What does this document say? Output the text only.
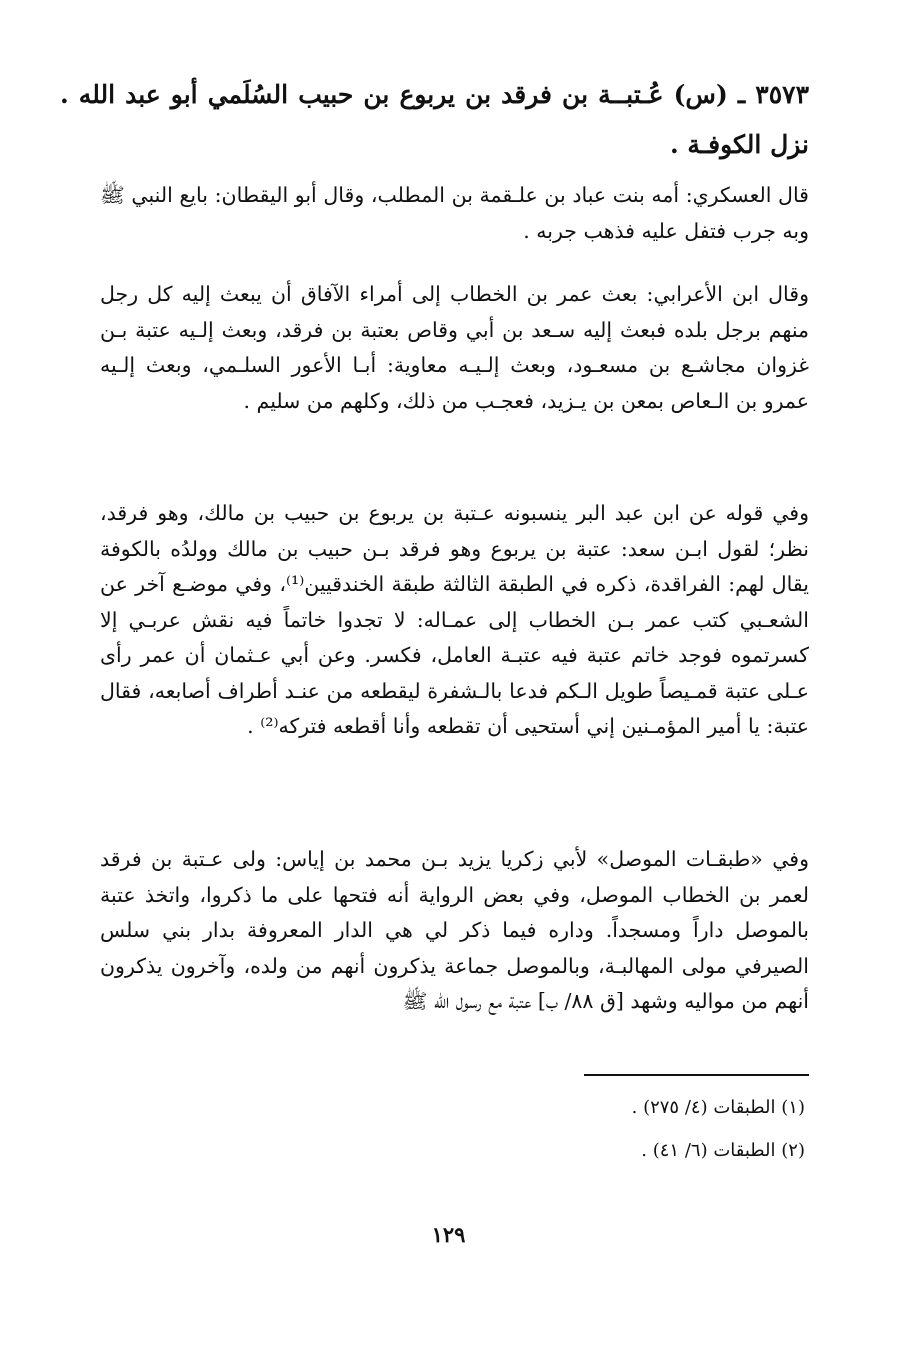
٣٥٧٣ ـ (س) عُـتبــة بن فرقد بن يربوع بن حبيب السُلَمي أبو عبد الله . نزل الكوفـة .

قال العسكري: أمه بنت عباد بن علـقمة بن المطلب، وقال أبو اليقطان: بايع النبي ﷺ وبه جرب فتفل عليه فذهب جربه .

وقال ابن الأعرابي: بعث عمر بن الخطاب إلى أمراء الآفاق أن يبعث إليه كل رجل منهم برجل بلده فبعث إليه سـعد بن أبي وقاص بعتبة بن فرقد، وبعث إلـيه عتبة بـن غزوان مجاشـع بن مسعـود، وبعث إلـيـه معاوية: أبـا الأعور السلـمي، وبعث إلـيه عمرو بن الـعاص بمعن بن يـزيد، فعجـب من ذلك، وكلهم من سليم .

وفي قوله عن ابن عبد البر ينسبونه عـتبة بن يربوع بن حبيب بن مالك، وهو فرقد، نظر؛ لقول ابـن سعد: عتبة بن يربوع وهو فرقد بـن حبيب بن مالك وولدُه بالكوفة يقال لهم: الفراقدة، ذكره في الطبقة الثالثة طبقة الخندقيين⁽¹⁾، وفي موضـع آخر عن الشعـبي كتب عمر بـن الخطاب إلى عمـاله: لا تجدوا خاتماً فيه نقش عربـي إلا كسرتموه فوجد خاتم عتبة فيه عتبـة العامل، فكسر. وعن أبي عـثمان أن عمر رأى عـلى عتبة قمـيصاً طويل الـكم فدعا بالـشفرة ليقطعه من عنـد أطراف أصابعه، فقال عتبة: يا أمير المؤمـنين إني أستحيى أن تقطعه وأنا أقطعه فتركه⁽²⁾ .

وفي «طبقـات الموصل» لأبي زكريا يزيد بـن محمد بن إياس: ولى عـتبة بن فرقد لعمر بن الخطاب الموصل، وفي بعض الرواية أنه فتحها على ما ذكروا، واتخذ عتبة بالموصل داراً ومسجداً. وداره فيما ذكر لي هي الدار المعروفة بدار بني سلس الصيرفي مولى المهالبـة، وبالموصل جماعة يذكرون أنهم من ولده، وآخرون يذكرون أنهم من مواليه وشهد [ق ٨٨/ ب] عتبة مع رسول الله ﷺ

(١) الطبقات (٤/ ٢٧٥) .
(٢) الطبقات (٦/ ٤١) .
١٢٩
